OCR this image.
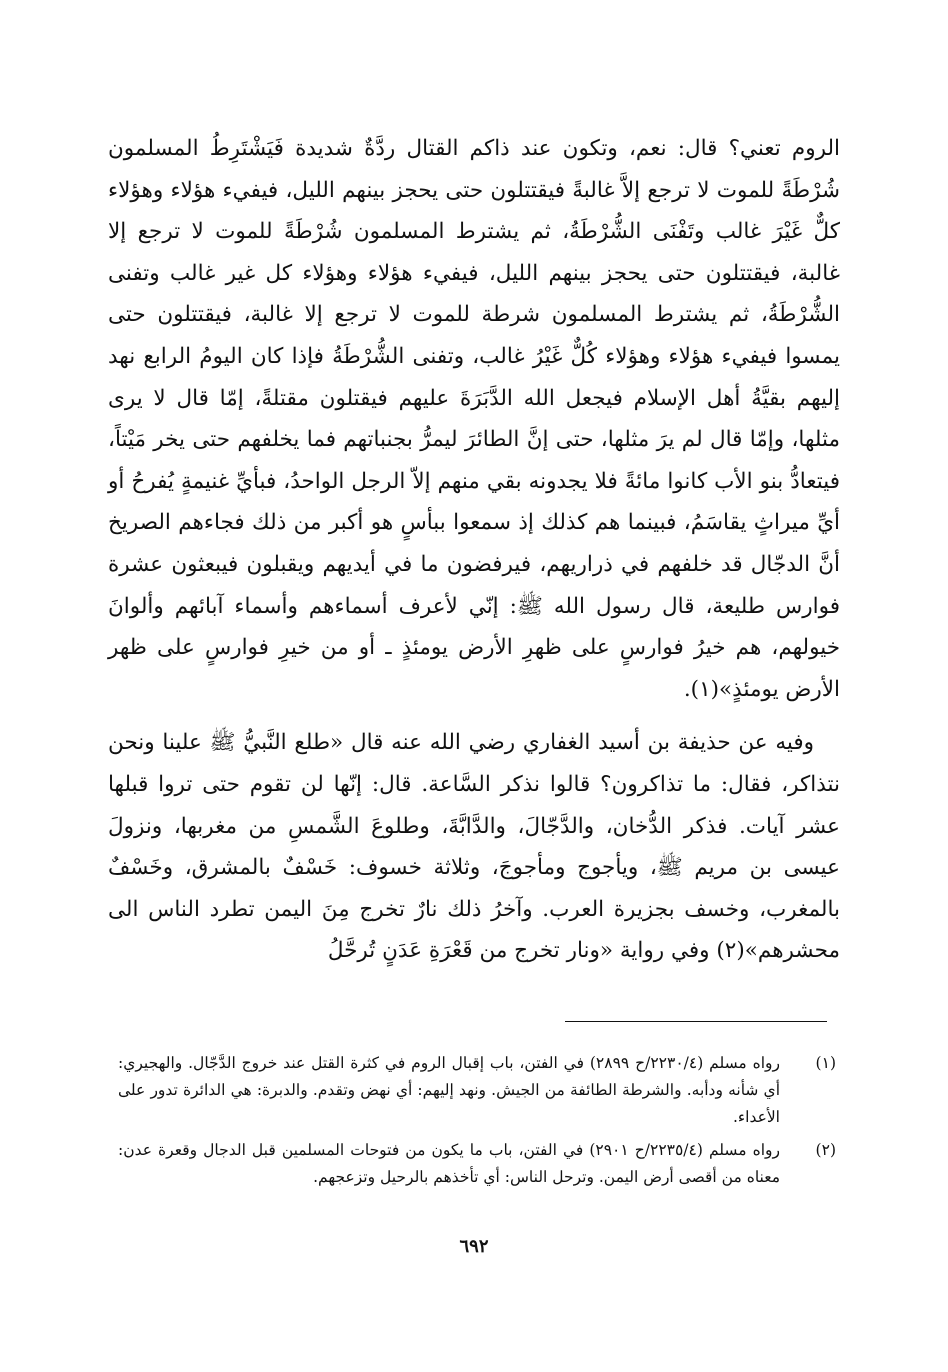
الروم تعني؟ قال: نعم، وتكون عند ذاكم القتال ردَّةٌ شديدة فَيَشْتَرِطُ المسلمون شُرْطَةً للموت لا ترجع إلاَّ غالبةً فيقتتلون حتى يحجز بينهم الليل، فيفيء هؤلاء وهؤلاء كلٌّ غَيْرَ غالب وتَفْنَى الشُّرْطَةُ، ثم يشترط المسلمون شُرْطَةً للموت لا ترجع إلا غالبة، فيقتتلون حتى يحجز بينهم الليل، فيفيء هؤلاء وهؤلاء كل غير غالب وتفنى الشُّرْطَةُ، ثم يشترط المسلمون شرطة للموت لا ترجع إلا غالبة، فيقتتلون حتى يمسوا فيفيء هؤلاء وهؤلاء كُلٌّ غَيْرُ غالب، وتفنى الشُّرْطَةُ فإذا كان اليومُ الرابع نهد إليهم بقيَّةُ أهل الإسلام فيجعل الله الدَّبَرَةَ عليهم فيقتلون مقتلةً، إمّا قال لا يرى مثلها، وإمّا قال لم يرَ مثلها، حتى إنَّ الطائرَ ليمرُّ بجنباتهم فما يخلفهم حتى يخر مَيْتاً، فيتعادُّ بنو الأب كانوا مائةً فلا يجدونه بقي منهم إلاّ الرجل الواحدُ، فبأيِّ غنيمةٍ يُفرحُ أو أيِّ ميراثٍ يقاسَمُ، فبينما هم كذلك إذ سمعوا ببأسٍ هو أكبر من ذلك فجاءهم الصريخ أنَّ الدجّال قد خلفهم في ذراريهم، فيرفضون ما في أيديهم ويقبلون فيبعثون عشرة فوارس طليعة، قال رسول الله ﷺ: إنّي لأعرف أسماءهم وأسماء آبائهم وألوانَ خيولهم، هم خيرُ فوارسٍ على ظهرِ الأرض يومئذٍ ـ أو من خيرِ فوارسٍ على ظهر الأرض يومئذٍ»(١).

وفيه عن حذيفة بن أسيد الغفاري رضي الله عنه قال «طلع النَّبيُّ ﷺ علينا ونحن نتذاكر، فقال: ما تذاكرون؟ قالوا نذكر السَّاعة. قال: إنّها لن تقوم حتى تروا قبلها عشر آيات. فذكر الدُّخان، والدَّجّالَ، والدَّابَّةَ، وطلوعَ الشَّمسِ من مغربها، ونزولَ عيسى بن مريم ﷺ، ويأجوج ومأجوجَ، وثلاثة خسوف: خَسْفٌ بالمشرق، وخَسْفٌ بالمغرب، وخسف بجزيرة العرب. وآخرُ ذلك نارٌ تخرج مِنَ اليمن تطرد الناس الى محشرهم»(٢) وفي رواية «ونار تخرج من قَعْرَةِ عَدَنٍ تُرحَّلُ

(١)
رواه مسلم (٢٢٣٠/٤/ح ٢٨٩٩) في الفتن، باب إقبال الروم في كثرة القتل عند خروج الدَّجّال. والهجيري: أي شأنه ودأبه. والشرطة الطائفة من الجيش. ونهد إليهم: أي نهض وتقدم. والدبرة: هي الدائرة تدور على الأعداء.
(٢)
رواه مسلم (٢٢٣٥/٤/ح ٢٩٠١) في الفتن، باب ما يكون من فتوحات المسلمين قبل الدجال وقعرة عدن: معناه من أقصى أرض اليمن. وترحل الناس: أي تأخذهم بالرحيل وتزعجهم.
٦٩٢
